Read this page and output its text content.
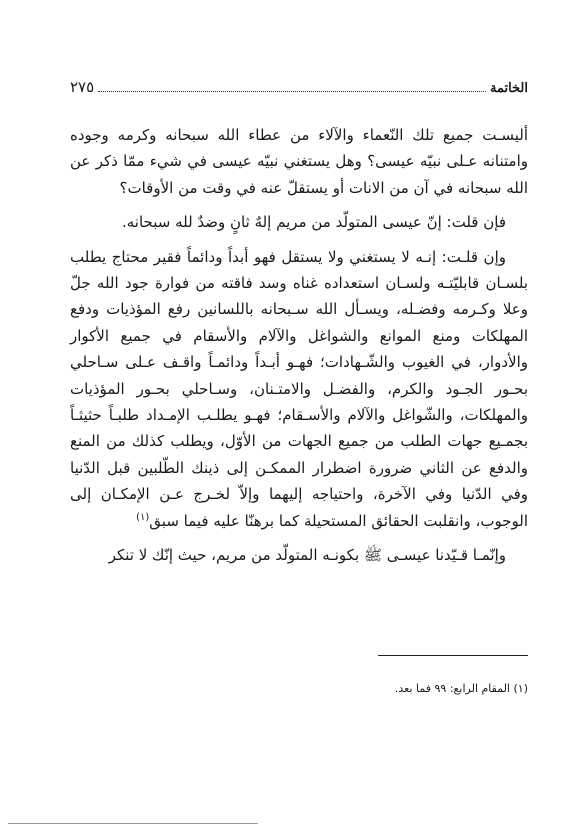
الخاتمة
٢٧٥

أليسـت جميع تلك النّعماء والآلاء من عطاء الله سبحانه وكرمه وجوده وامتنانه عـلى نبيّه عيسى؟ وهل يستغني نبيّه عيسى في شيء ممّا ذكر عن الله سبحانه في آن من الانات أو يستقلّ عنه في وقت من الأوقات؟

فإن قلت: إنّ عيسى المتولّد من مريم إلهٌ ثانٍ وضدٌ لله سبحانه.

وإن قلـت: إنـه لا يستغني ولا يستقل فهو أبداً ودائماً فقير محتاج يطلب بلسـان قابليّتـه ولسـان استعداده غناه وسد فاقته من فوارة جود الله جلّ وعلا وكـرمه وفضـله، ويسـأل الله سـبحانه باللسانين رفع المؤذيات ودفع المهلكات ومنع الموانع والشواغل والآلام والأسقام في جميع الأكوار والأدوار، في الغيوب والشّـهادات؛ فهـو أبـداً ودائمـاً واقـف عـلى سـاحلي بحـور الجـود والكرم، والفضـل والامتـنان، وسـاحلي بحـور المؤذيات والمهلكات، والشّواغل والآلام والأسـقام؛ فهـو يطلـب الإمـداد طلبـاً حثيثـاً بجمـيع جهات الطلب من جميع الجهات من الأوّل، ويطلب كذلك من المنع والدفع عن الثاني ضرورة اضطرار الممكـن إلى ذينك الطّلبين قبل الدّنيا وفي الدّنيا وفي الآخرة، واحتياجه إليهما وإلاّ لخـرج عـن الإمكـان إلى الوجوب، وانقلبت الحقائق المستحيلة كما برهنّا عليه فيما سبق$^{(١)}$

وإنّمـا قـيّدنا عيسـى ﷺ بكونـه المتولّد من مريم، حيث إنّك لا تنكر

(١) المقام الرابع: ٩٩ فما بعد.
